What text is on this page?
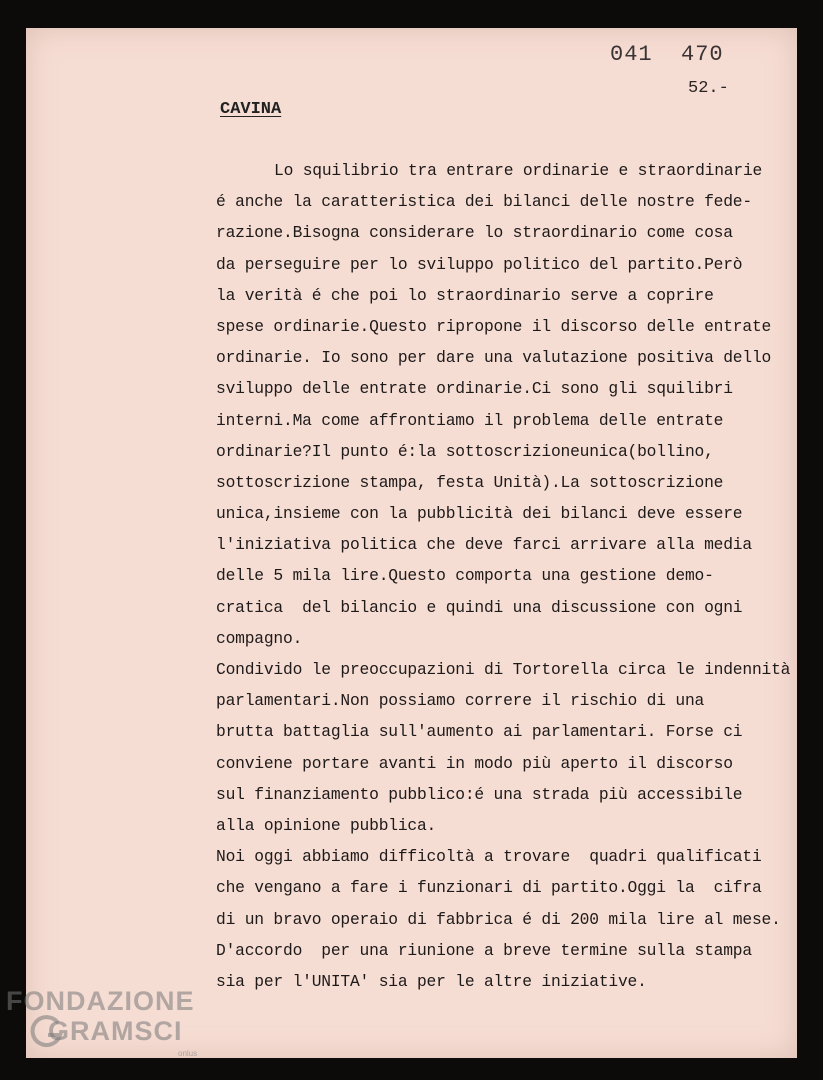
041  470
52.-
CAVINA
Lo squilibrio tra entrare ordinarie e straordinarie
é anche la caratteristica dei bilanci delle nostre fede-
razione.Bisogna considerare lo straordinario come cosa
da perseguire per lo sviluppo politico del partito.Però
la verità é che poi lo straordinario serve a coprire
spese ordinarie.Questo ripropone il discorso delle entrate
ordinarie. Io sono per dare una valutazione positiva dello
sviluppo delle entrate ordinarie.Ci sono gli squilibri
interni.Ma come affrontiamo il problema delle entrate
ordinarie?Il punto é:la sottoscrizioneunica(bollino,
sottoscrizione stampa, festa Unità).La sottoscrizione
unica,insieme con la pubblicità dei bilanci deve essere
l'iniziativa politica che deve farci arrivare alla media
delle 5 mila lire.Questo comporta una gestione demo-
cratica  del bilancio e quindi una discussione con ogni
compagno.
Condivido le preoccupazioni di Tortorella circa le indennità
parlamentari.Non possiamo correre il rischio di una
brutta battaglia sull'aumento ai parlamentari. Forse ci
conviene portare avanti in modo più aperto il discorso
sul finanziamento pubblico:é una strada più accessibile
alla opinione pubblica.
Noi oggi abbiamo difficoltà a trovare  quadri qualificati
che vengano a fare i funzionari di partito.Oggi la  cifra
di un bravo operaio di fabbrica é di 200 mila lire al mese.
D'accordo  per una riunione a breve termine sulla stampa
sia per l'UNITA' sia per le altre iniziative.
FONDAZIONE
GRAMSCI
onlus
